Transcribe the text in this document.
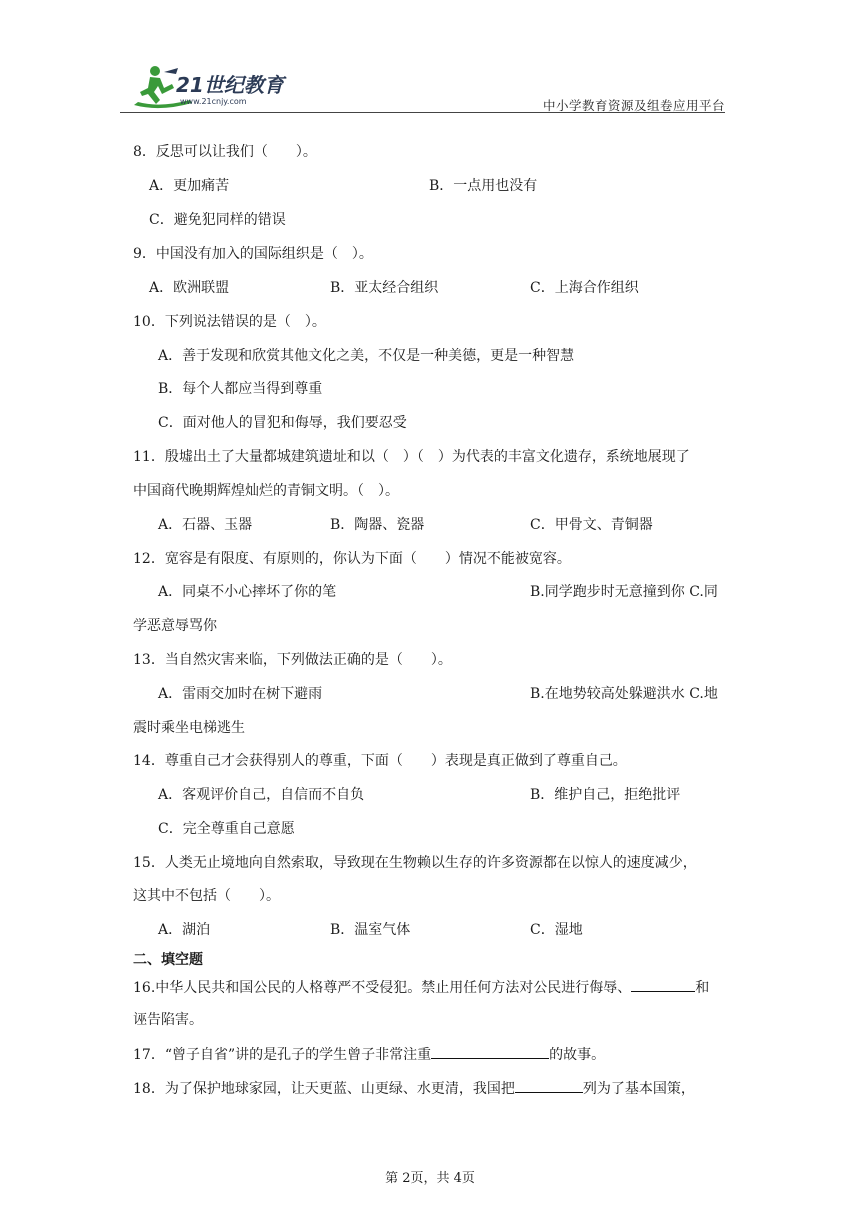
21世纪教育
www.21cnjy.com	中小学教育资源及组卷应用平台
8．反思可以让我们（　　）。
A．更加痛苦	B．一点用也没有
C．避免犯同样的错误
9．中国没有加入的国际组织是（　）。
A．欧洲联盟	B．亚太经合组织	C．上海合作组织
10．下列说法错误的是（　）。
A．善于发现和欣赏其他文化之美，不仅是一种美德，更是一种智慧
B．每个人都应当得到尊重
C．面对他人的冒犯和侮辱，我们要忍受
11．殷墟出土了大量都城建筑遗址和以（　）（　）为代表的丰富文化遗存，系统地展现了
中国商代晚期辉煌灿烂的青铜文明。（　）。
A．石器、玉器	B．陶器、瓷器	C．甲骨文、青铜器
12．宽容是有限度、有原则的，你认为下面（　　）情况不能被宽容。
A．同桌不小心摔坏了你的笔	B.同学跑步时无意撞到你 C.同
学恶意辱骂你
13．当自然灾害来临，下列做法正确的是（　　）。
A．雷雨交加时在树下避雨	B.在地势较高处躲避洪水 C.地
震时乘坐电梯逃生
14．尊重自己才会获得别人的尊重，下面（　　）表现是真正做到了尊重自己。
A．客观评价自己，自信而不自负	B．维护自己，拒绝批评
C．完全尊重自己意愿
15．人类无止境地向自然索取，导致现在生物赖以生存的许多资源都在以惊人的速度减少，
这其中不包括（　　）。
A．湖泊	B．温室气体	C．湿地
二、填空题
16.中华人民共和国公民的人格尊严不受侵犯。禁止用任何方法对公民进行侮辱、	和
诬告陷害。
17．“曾子自省”讲的是孔子的学生曾子非常注重	的故事。
18．为了保护地球家园，让天更蓝、山更绿、水更清，我国把	列为了基本国策，
第 2页，共 4页
